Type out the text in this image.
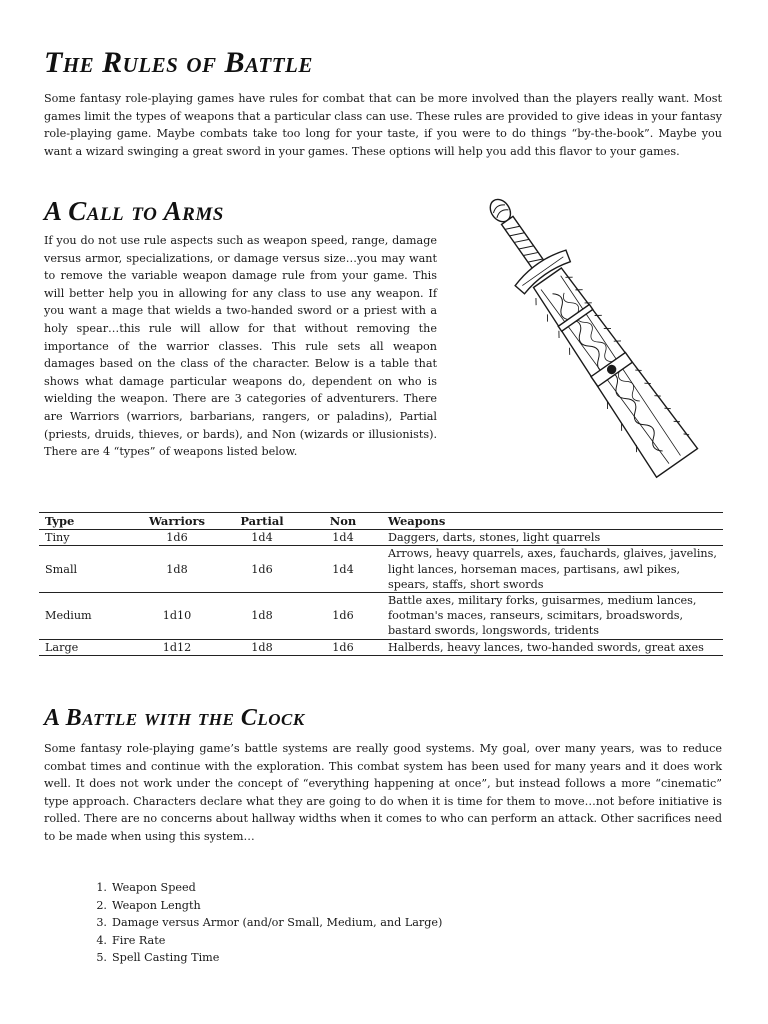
The Rules of Battle

Some fantasy role-playing games have rules for combat that can be more involved than the players really want. Most games limit the types of weapons that a particular class can use. These rules are provided to give ideas in your fantasy role-playing game. Maybe combats take too long for your taste, if you were to do things “by-the-book”. Maybe you want a wizard swinging a great sword in your games. These options will help you add this flavor to your games.

A Call to Arms

If you do not use rule aspects such as weapon speed, range, damage versus armor, specializations, or damage versus size…you may want to remove the variable weapon damage rule from your game. This will better help you in allowing for any class to use any weapon. If you want a mage that wields a two-handed sword or a priest with a holy spear…this rule will allow for that without removing the importance of the warrior classes. This rule sets all weapon damages based on the class of the character. Below is a table that shows what damage particular weapons do, dependent on who is wielding the weapon. There are 3 categories of adventurers. There are Warriors (warriors, barbarians, rangers, or paladins), Partial (priests, druids, thieves, or bards), and Non (wizards or illusionists). There are 4 “types” of weapons listed below.

Type	Warriors	Partial	Non	Weapons
Tiny	1d6	1d4	1d4	Daggers, darts, stones, light quarrels
Small	1d8	1d6	1d4	Arrows, heavy quarrels, axes, fauchards, glaives, javelins, light lances, horseman maces, partisans, awl pikes, spears, staffs, short swords
Medium	1d10	1d8	1d6	Battle axes, military forks, guisarmes, medium lances, footman's maces, ranseurs, scimitars, broadswords, bastard swords, longswords, tridents
Large	1d12	1d8	1d6	Halberds, heavy lances, two-handed swords, great axes
A Battle with the Clock

Some fantasy role-playing game’s battle systems are really good systems. My goal, over many years, was to reduce combat times and continue with the exploration. This combat system has been used for many years and it does work well. It does not work under the concept of “everything happening at once”, but instead follows a more “cinematic” type approach. Characters declare what they are going to do when it is time for them to move…not before initiative is rolled. There are no concerns about hallway widths when it comes to who can perform an attack. Other sacrifices need to be made when using this system…

1. Weapon Speed
2. Weapon Length
3. Damage versus Armor (and/or Small, Medium, and Large)
4. Fire Rate
5. Spell Casting Time
